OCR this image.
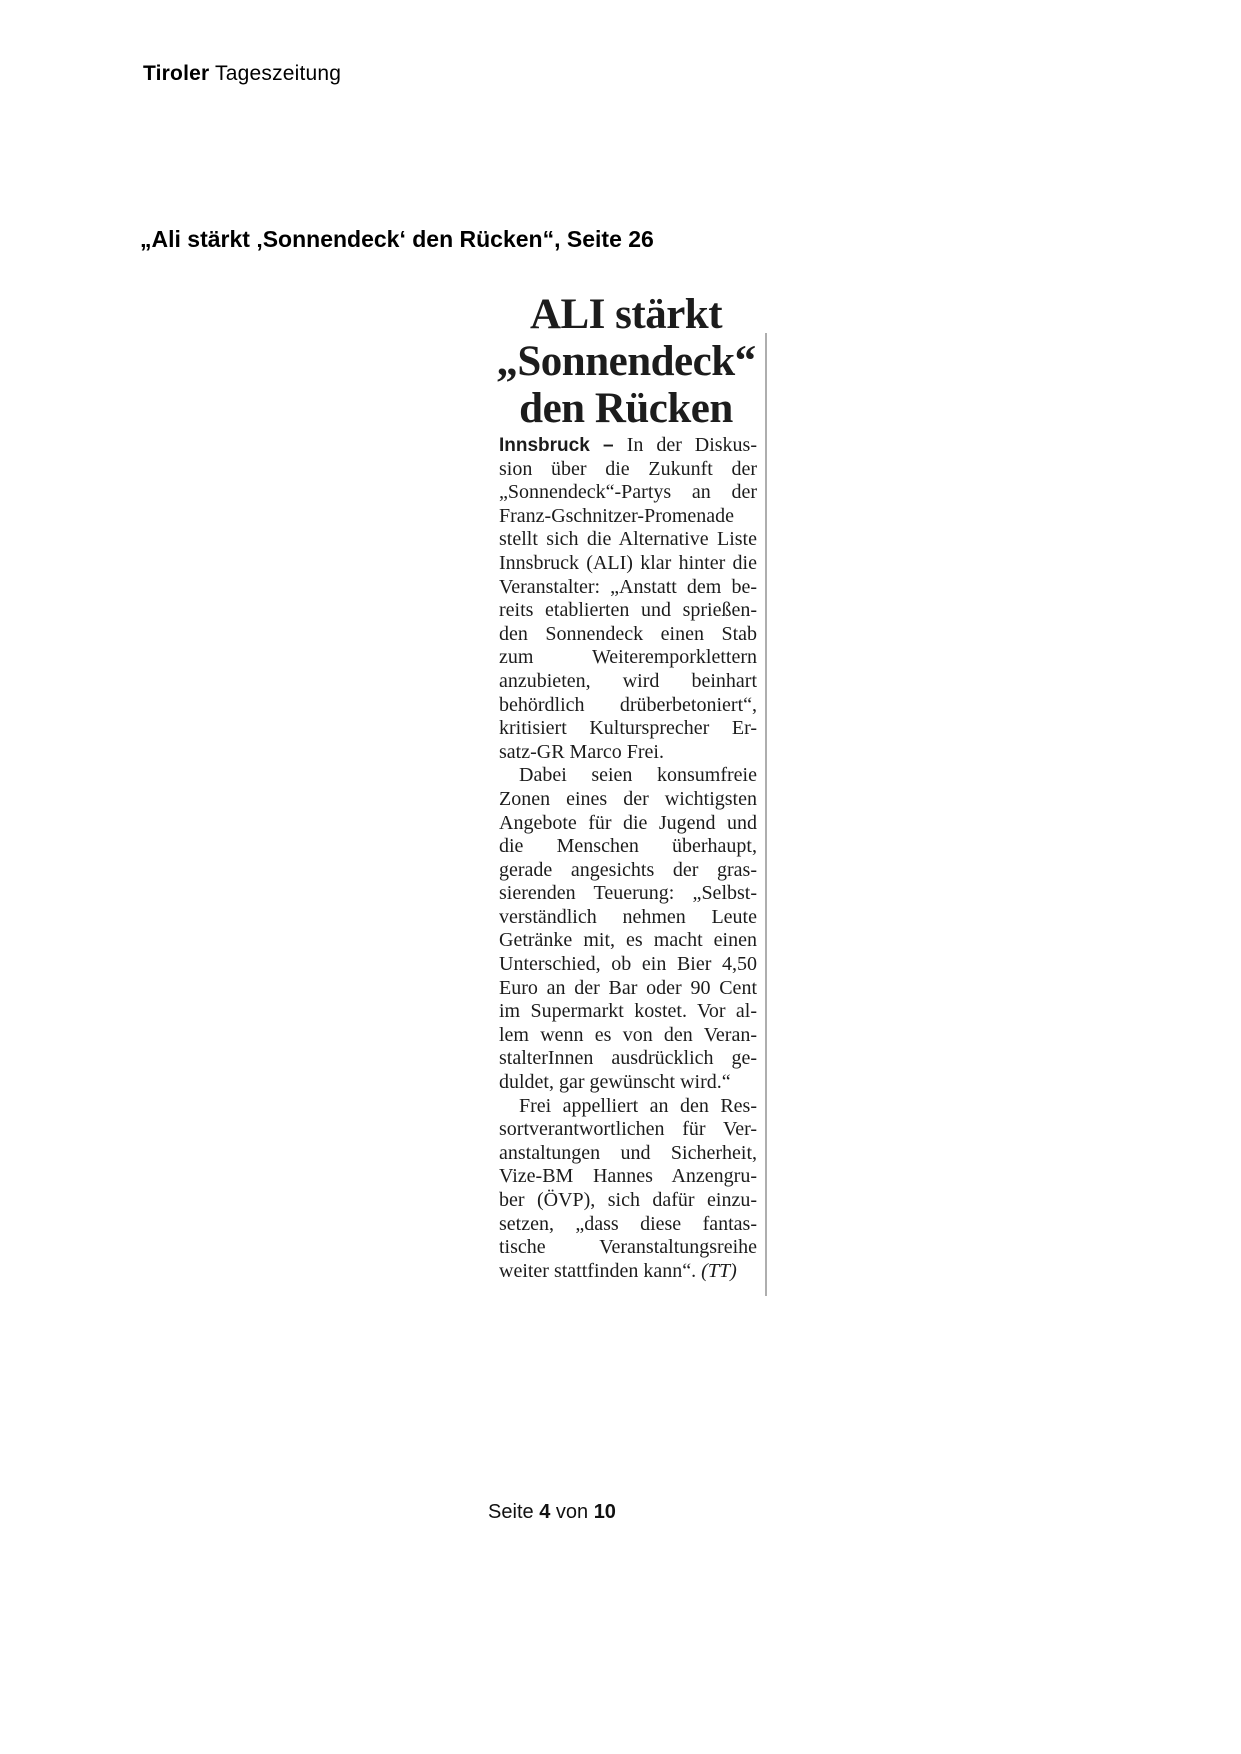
Tiroler Tageszeitung
„Ali stärkt ‚Sonnendeck‘ den Rücken“, Seite 26
ALI stärkt
„Sonnendeck“
den Rücken
Innsbruck – In der Diskus-
sion über die Zukunft der
„Sonnendeck“-Partys an der
Franz-Gschnitzer-Promenade
stellt sich die Alternative Liste
Innsbruck (ALI) klar hinter die
Veranstalter: „Anstatt dem be-
reits etablierten und sprießen-
den Sonnendeck einen Stab
zum Weiteremporklettern
anzubieten, wird beinhart
behördlich drüberbetoniert“,
kritisiert Kultursprecher Er-
satz-GR Marco Frei.
Dabei seien konsumfreie
Zonen eines der wichtigsten
Angebote für die Jugend und
die Menschen überhaupt,
gerade angesichts der gras-
sierenden Teuerung: „Selbst-
verständlich nehmen Leute
Getränke mit, es macht einen
Unterschied, ob ein Bier 4,50
Euro an der Bar oder 90 Cent
im Supermarkt kostet. Vor al-
lem wenn es von den Veran-
stalterInnen ausdrücklich ge-
duldet, gar gewünscht wird.“
Frei appelliert an den Res-
sortverantwortlichen für Ver-
anstaltungen und Sicherheit,
Vize-BM Hannes Anzengru-
ber (ÖVP), sich dafür einzu-
setzen, „dass diese fantas-
tische Veranstaltungsreihe
weiter stattfinden kann“. (TT)
Seite 4 von 10
